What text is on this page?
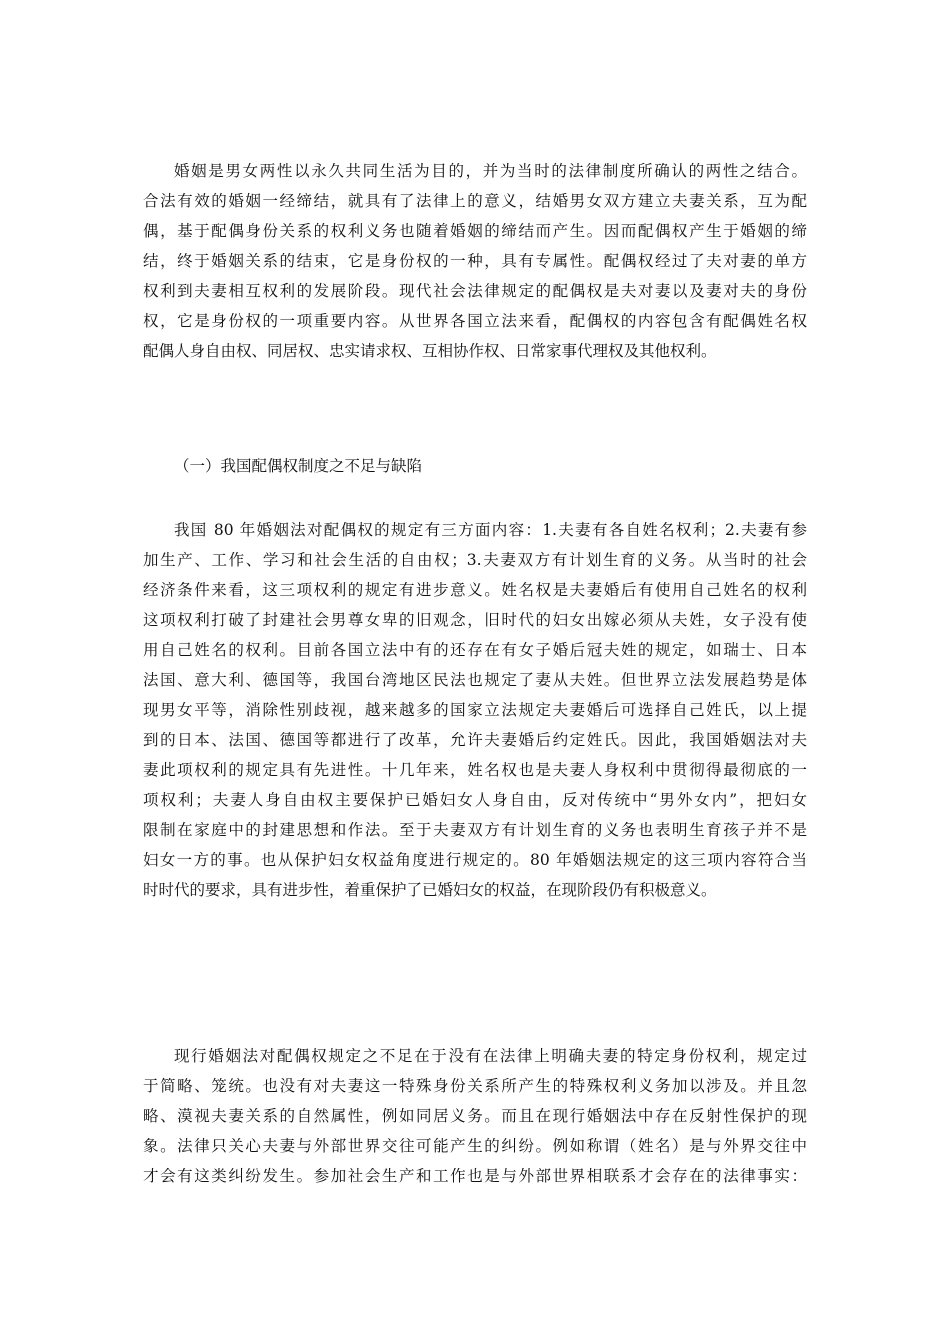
婚姻是男女两性以永久共同生活为目的，并为当时的法律制度所确认的两性之结合。
合法有效的婚姻一经缔结，就具有了法律上的意义，结婚男女双方建立夫妻关系，互为配
偶，基于配偶身份关系的权利义务也随着婚姻的缔结而产生。因而配偶权产生于婚姻的缔
结，终于婚姻关系的结束，它是身份权的一种，具有专属性。配偶权经过了夫对妻的单方
权利到夫妻相互权利的发展阶段。现代社会法律规定的配偶权是夫对妻以及妻对夫的身份
权，它是身份权的一项重要内容。从世界各国立法来看，配偶权的内容包含有配偶姓名权
配偶人身自由权、同居权、忠实请求权、互相协作权、日常家事代理权及其他权利。
（一）我国配偶权制度之不足与缺陷
我国 80 年婚姻法对配偶权的规定有三方面内容：1.夫妻有各自姓名权利；2.夫妻有参
加生产、工作、学习和社会生活的自由权；3.夫妻双方有计划生育的义务。从当时的社会
经济条件来看，这三项权利的规定有进步意义。姓名权是夫妻婚后有使用自己姓名的权利
这项权利打破了封建社会男尊女卑的旧观念，旧时代的妇女出嫁必须从夫姓，女子没有使
用自己姓名的权利。目前各国立法中有的还存在有女子婚后冠夫姓的规定，如瑞士、日本
法国、意大利、德国等，我国台湾地区民法也规定了妻从夫姓。但世界立法发展趋势是体
现男女平等，消除性别歧视，越来越多的国家立法规定夫妻婚后可选择自己姓氏，以上提
到的日本、法国、德国等都进行了改革，允许夫妻婚后约定姓氏。因此，我国婚姻法对夫
妻此项权利的规定具有先进性。十几年来，姓名权也是夫妻人身权利中贯彻得最彻底的一
项权利；夫妻人身自由权主要保护已婚妇女人身自由，反对传统中“男外女内”，把妇女
限制在家庭中的封建思想和作法。至于夫妻双方有计划生育的义务也表明生育孩子并不是
妇女一方的事。也从保护妇女权益角度进行规定的。80 年婚姻法规定的这三项内容符合当
时时代的要求，具有进步性，着重保护了已婚妇女的权益，在现阶段仍有积极意义。
现行婚姻法对配偶权规定之不足在于没有在法律上明确夫妻的特定身份权利，规定过
于简略、笼统。也没有对夫妻这一特殊身份关系所产生的特殊权利义务加以涉及。并且忽
略、漠视夫妻关系的自然属性，例如同居义务。而且在现行婚姻法中存在反射性保护的现
象。法律只关心夫妻与外部世界交往可能产生的纠纷。例如称谓（姓名）是与外界交往中
才会有这类纠纷发生。参加社会生产和工作也是与外部世界相联系才会存在的法律事实：
